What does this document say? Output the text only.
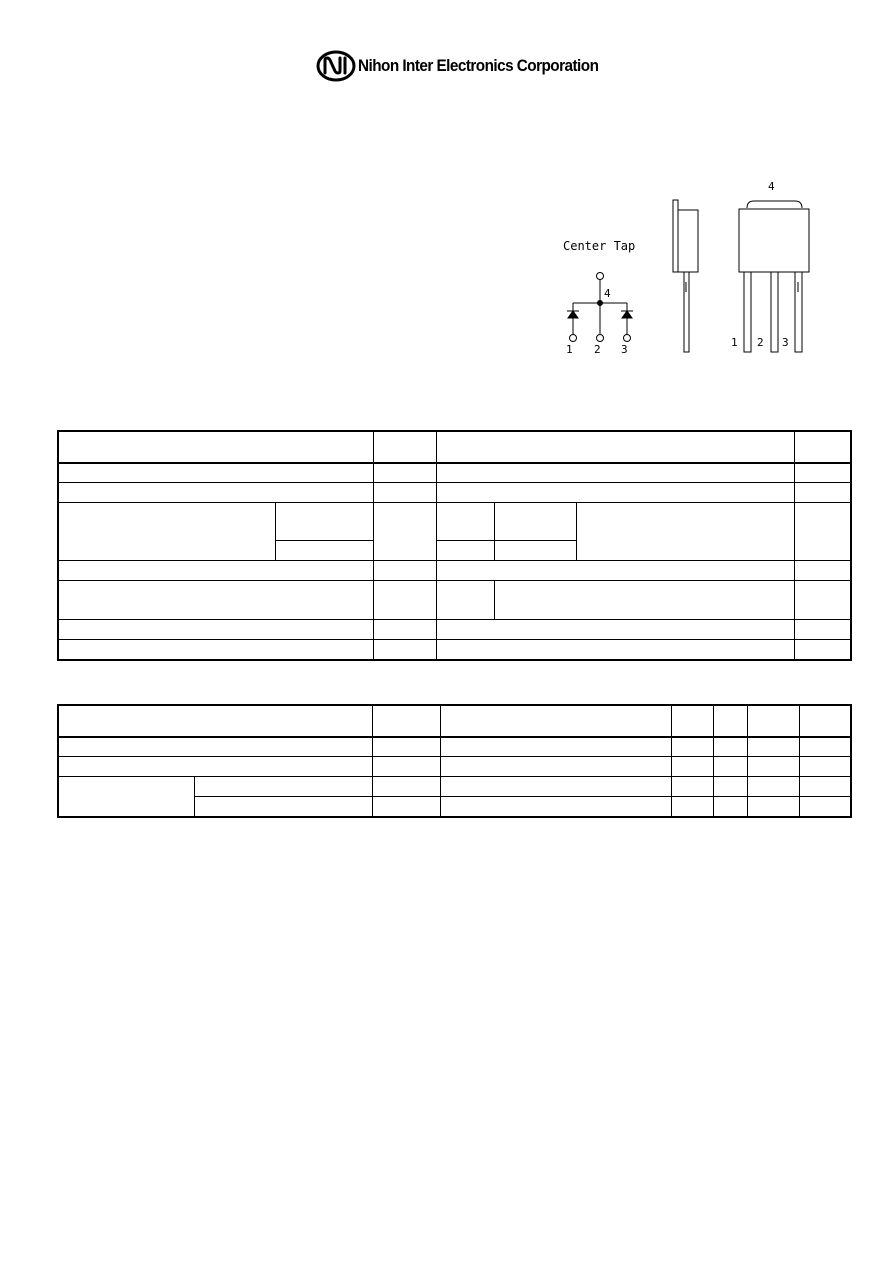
Nihon Inter Electronics Corporation
Center Tap
4
1 2 3
4
1 2 3
